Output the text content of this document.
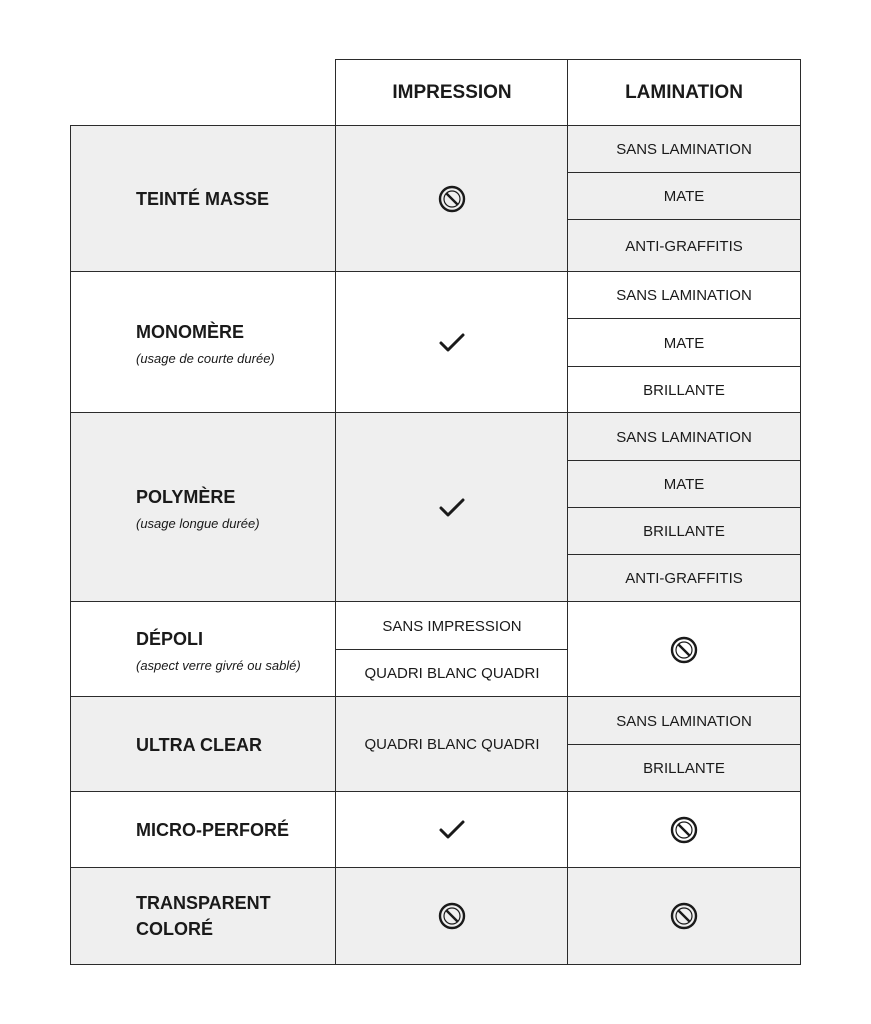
IMPRESSION	LAMINATION
TEINTÉ MASSE
SANS LAMINATION
MATE
ANTI-GRAFFITIS
MONOMÈRE
(usage de courte durée)
SANS LAMINATION
MATE
BRILLANTE
POLYMÈRE
(usage longue durée)
SANS LAMINATION
MATE
BRILLANTE
ANTI-GRAFFITIS
DÉPOLI
(aspect verre givré ou sablé)
SANS IMPRESSION
QUADRI BLANC QUADRI
ULTRA CLEAR	QUADRI BLANC QUADRI
SANS LAMINATION
BRILLANTE
MICRO-PERFORÉ
TRANSPARENT
COLORÉ
